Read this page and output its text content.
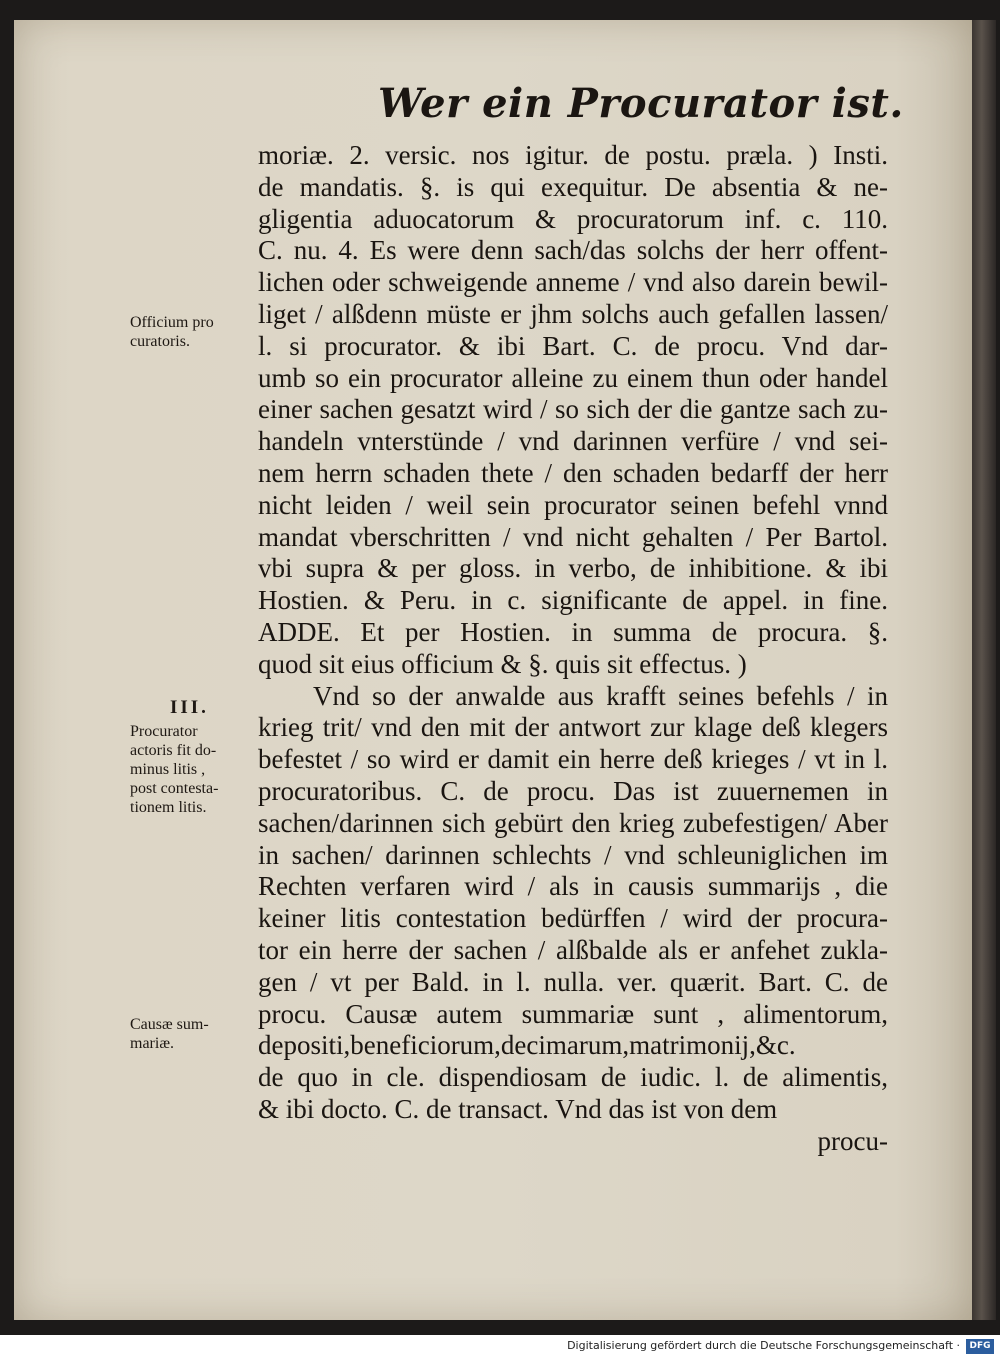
Wer ein Procurator ist.
moriæ. 2. versic. nos igitur. de postu. præla. ) Insti.
de mandatis. §. is qui exequitur. De absentia & ne-
gligentia aduocatorum & procuratorum inf. c. 110.
C. nu. 4. Es were denn sach/das solchs der herr offent-
lichen oder schweigende anneme / vnd also darein bewil-
liget / alßdenn müste er jhm solchs auch gefallen lassen/
l. si procurator. & ibi Bart. C. de procu. Vnd dar-
umb so ein procurator alleine zu einem thun oder handel
einer sachen gesatzt wird / so sich der die gantze sach zu-
handeln vnterstünde / vnd darinnen verfüre / vnd sei-
nem herrn schaden thete / den schaden bedarff der herr
nicht leiden / weil sein procurator seinen befehl vnnd
mandat vberschritten / vnd nicht gehalten / Per Bartol.
vbi supra & per gloss. in verbo, de inhibitione. & ibi
Hostien. & Peru. in c. significante de appel. in fine.
ADDE. Et per Hostien. in summa de procura. §.
quod sit eius officium & §. quis sit effectus. )
Vnd so der anwalde aus krafft seines befehls / in
krieg trit/ vnd den mit der antwort zur klage deß klegers
befestet / so wird er damit ein herre deß krieges / vt in l.
procuratoribus. C. de procu. Das ist zuuernemen in
sachen/darinnen sich gebürt den krieg zubefestigen/ Aber
in sachen/ darinnen schlechts / vnd schleuniglichen im
Rechten verfaren wird / als in causis summarijs , die
keiner litis contestation bedürffen / wird der procura-
tor ein herre der sachen / alßbalde als er anfehet zukla-
gen / vt per Bald. in l. nulla. ver. quærit. Bart. C. de
procu. Causæ autem summariæ sunt , alimentorum,
depositi,beneficiorum,decimarum,matrimonij,&c.
de quo in cle. dispendiosam de iudic. l. de alimentis,
& ibi docto. C. de transact. Vnd das ist von dem
procu-
Officium pro
curatoris.
III.
Procurator
actoris fit do-
minus litis ,
post contesta-
tionem litis.
Causæ sum-
mariæ.
Digitalisierung gefördert durch die Deutsche Forschungsgemeinschaft ·	DFG
